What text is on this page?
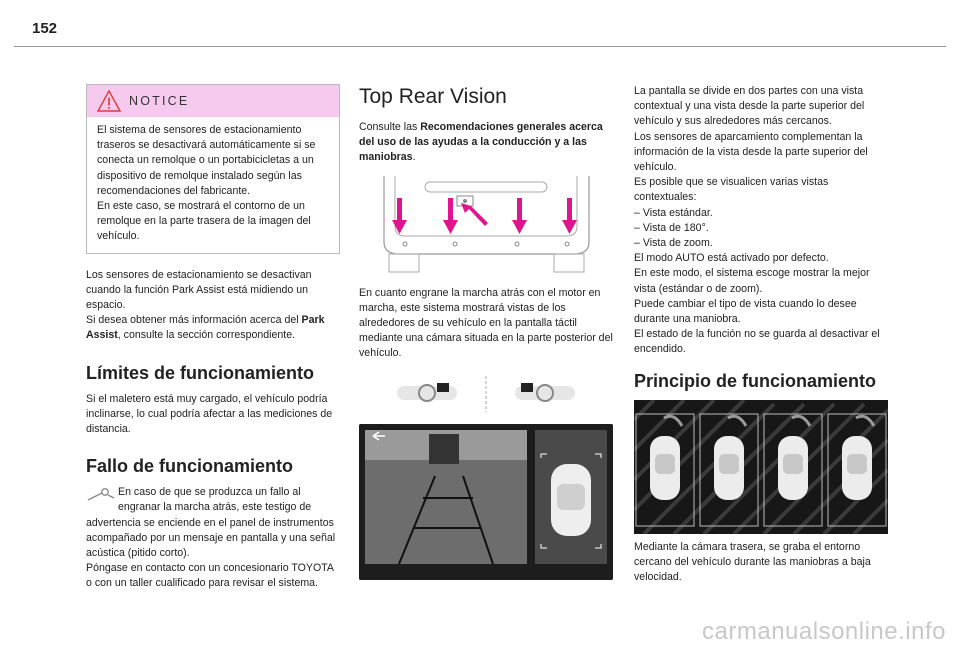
152
NOTICE

El sistema de sensores de estacionamiento traseros se desactivará automáticamente si se conecta un remolque o un portabicicletas a un dispositivo de remolque instalado según las recomendaciones del fabricante.
En este caso, se mostrará el contorno de un remolque en la parte trasera de la imagen del vehículo.

Los sensores de estacionamiento se desactivan cuando la función Park Assist está midiendo un espacio.
Si desea obtener más información acerca del Park Assist, consulte la sección correspondiente.

Límites de funcionamiento

Si el maletero está muy cargado, el vehículo podría inclinarse, lo cual podría afectar a las mediciones de distancia.

Fallo de funcionamiento

En caso de que se produzca un fallo al engranar la marcha atrás, este testigo de

advertencia se enciende en el panel de instrumentos acompañado por un mensaje en pantalla y una señal acústica (pitido corto).
Póngase en contacto con un concesionario TOYOTA o con un taller cualificado para revisar el sistema.

Top Rear Vision

Consulte las Recomendaciones generales acerca del uso de las ayudas a la conducción y a las maniobras.

En cuanto engrane la marcha atrás con el motor en marcha, este sistema mostrará vistas de los alrededores de su vehículo en la pantalla táctil mediante una cámara situada en la parte posterior del vehículo.

La pantalla se divide en dos partes con una vista contextual y una vista desde la parte superior del vehículo y sus alrededores más cercanos.
Los sensores de aparcamiento complementan la información de la vista desde la parte superior del vehículo.
Es posible que se visualicen varias vistas contextuales:
– Vista estándar.
– Vista de 180°.
– Vista de zoom.
El modo AUTO está activado por defecto.
En este modo, el sistema escoge mostrar la mejor vista (estándar o de zoom).
Puede cambiar el tipo de vista cuando lo desee durante una maniobra.
El estado de la función no se guarda al desactivar el encendido.

Principio de funcionamiento

Mediante la cámara trasera, se graba el entorno cercano del vehículo durante las maniobras a baja velocidad.

carmanualsonline.info
